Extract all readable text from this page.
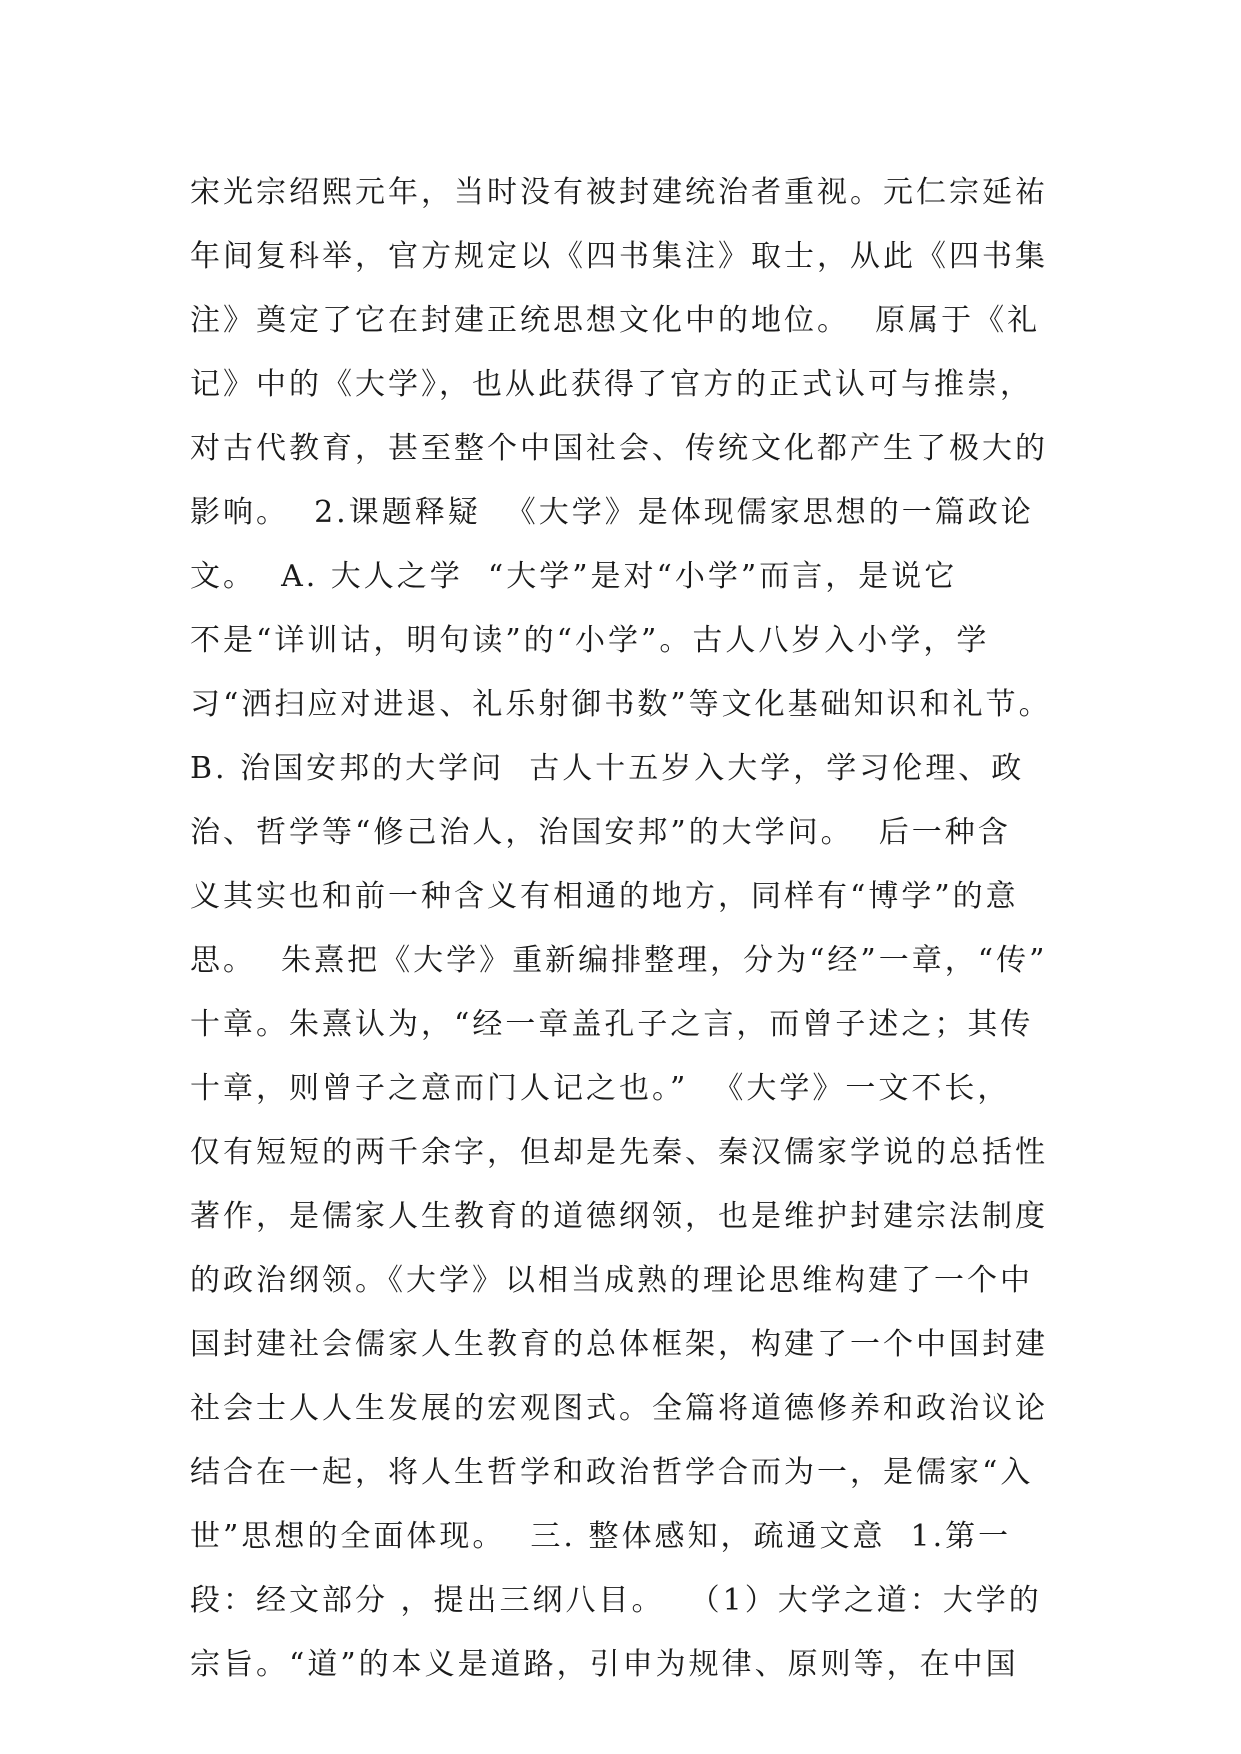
宋光宗绍熙元年，当时没有被封建统治者重视。元仁宗延祐
年间复科举，官方规定以《四书集注》取士，从此《四书集
注》奠定了它在封建正统思想文化中的地位。  原属于《礼
记》中的《大学》，也从此获得了官方的正式认可与推崇，
对古代教育，甚至整个中国社会、传统文化都产生了极大的
影响。  2.课题释疑  《大学》是体现儒家思想的一篇政论
文。  A. 大人之学  “大学”是对“小学”而言，是说它
不是“详训诂，明句读”的“小学”。古人八岁入小学，学
习“洒扫应对进退、礼乐射御书数”等文化基础知识和礼节。
B. 治国安邦的大学问  古人十五岁入大学，学习伦理、政
治、哲学等“修己治人，治国安邦”的大学问。  后一种含
义其实也和前一种含义有相通的地方，同样有“博学”的意
思。  朱熹把《大学》重新编排整理，分为“经”一章，“传”
十章。朱熹认为，“经一章盖孔子之言，而曾子述之；其传
十章，则曾子之意而门人记之也。”  《大学》一文不长，
仅有短短的两千余字，但却是先秦、秦汉儒家学说的总括性
著作，是儒家人生教育的道德纲领，也是维护封建宗法制度
的政治纲领。《大学》以相当成熟的理论思维构建了一个中
国封建社会儒家人生教育的总体框架，构建了一个中国封建
社会士人人生发展的宏观图式。全篇将道德修养和政治议论
结合在一起，将人生哲学和政治哲学合而为一，是儒家“入
世”思想的全面体现。  三. 整体感知，疏通文意  1.第一
段：经文部分 ，提出三纲八目。  （1）大学之道：大学的
宗旨。“道”的本义是道路，引申为规律、原则等，在中国
